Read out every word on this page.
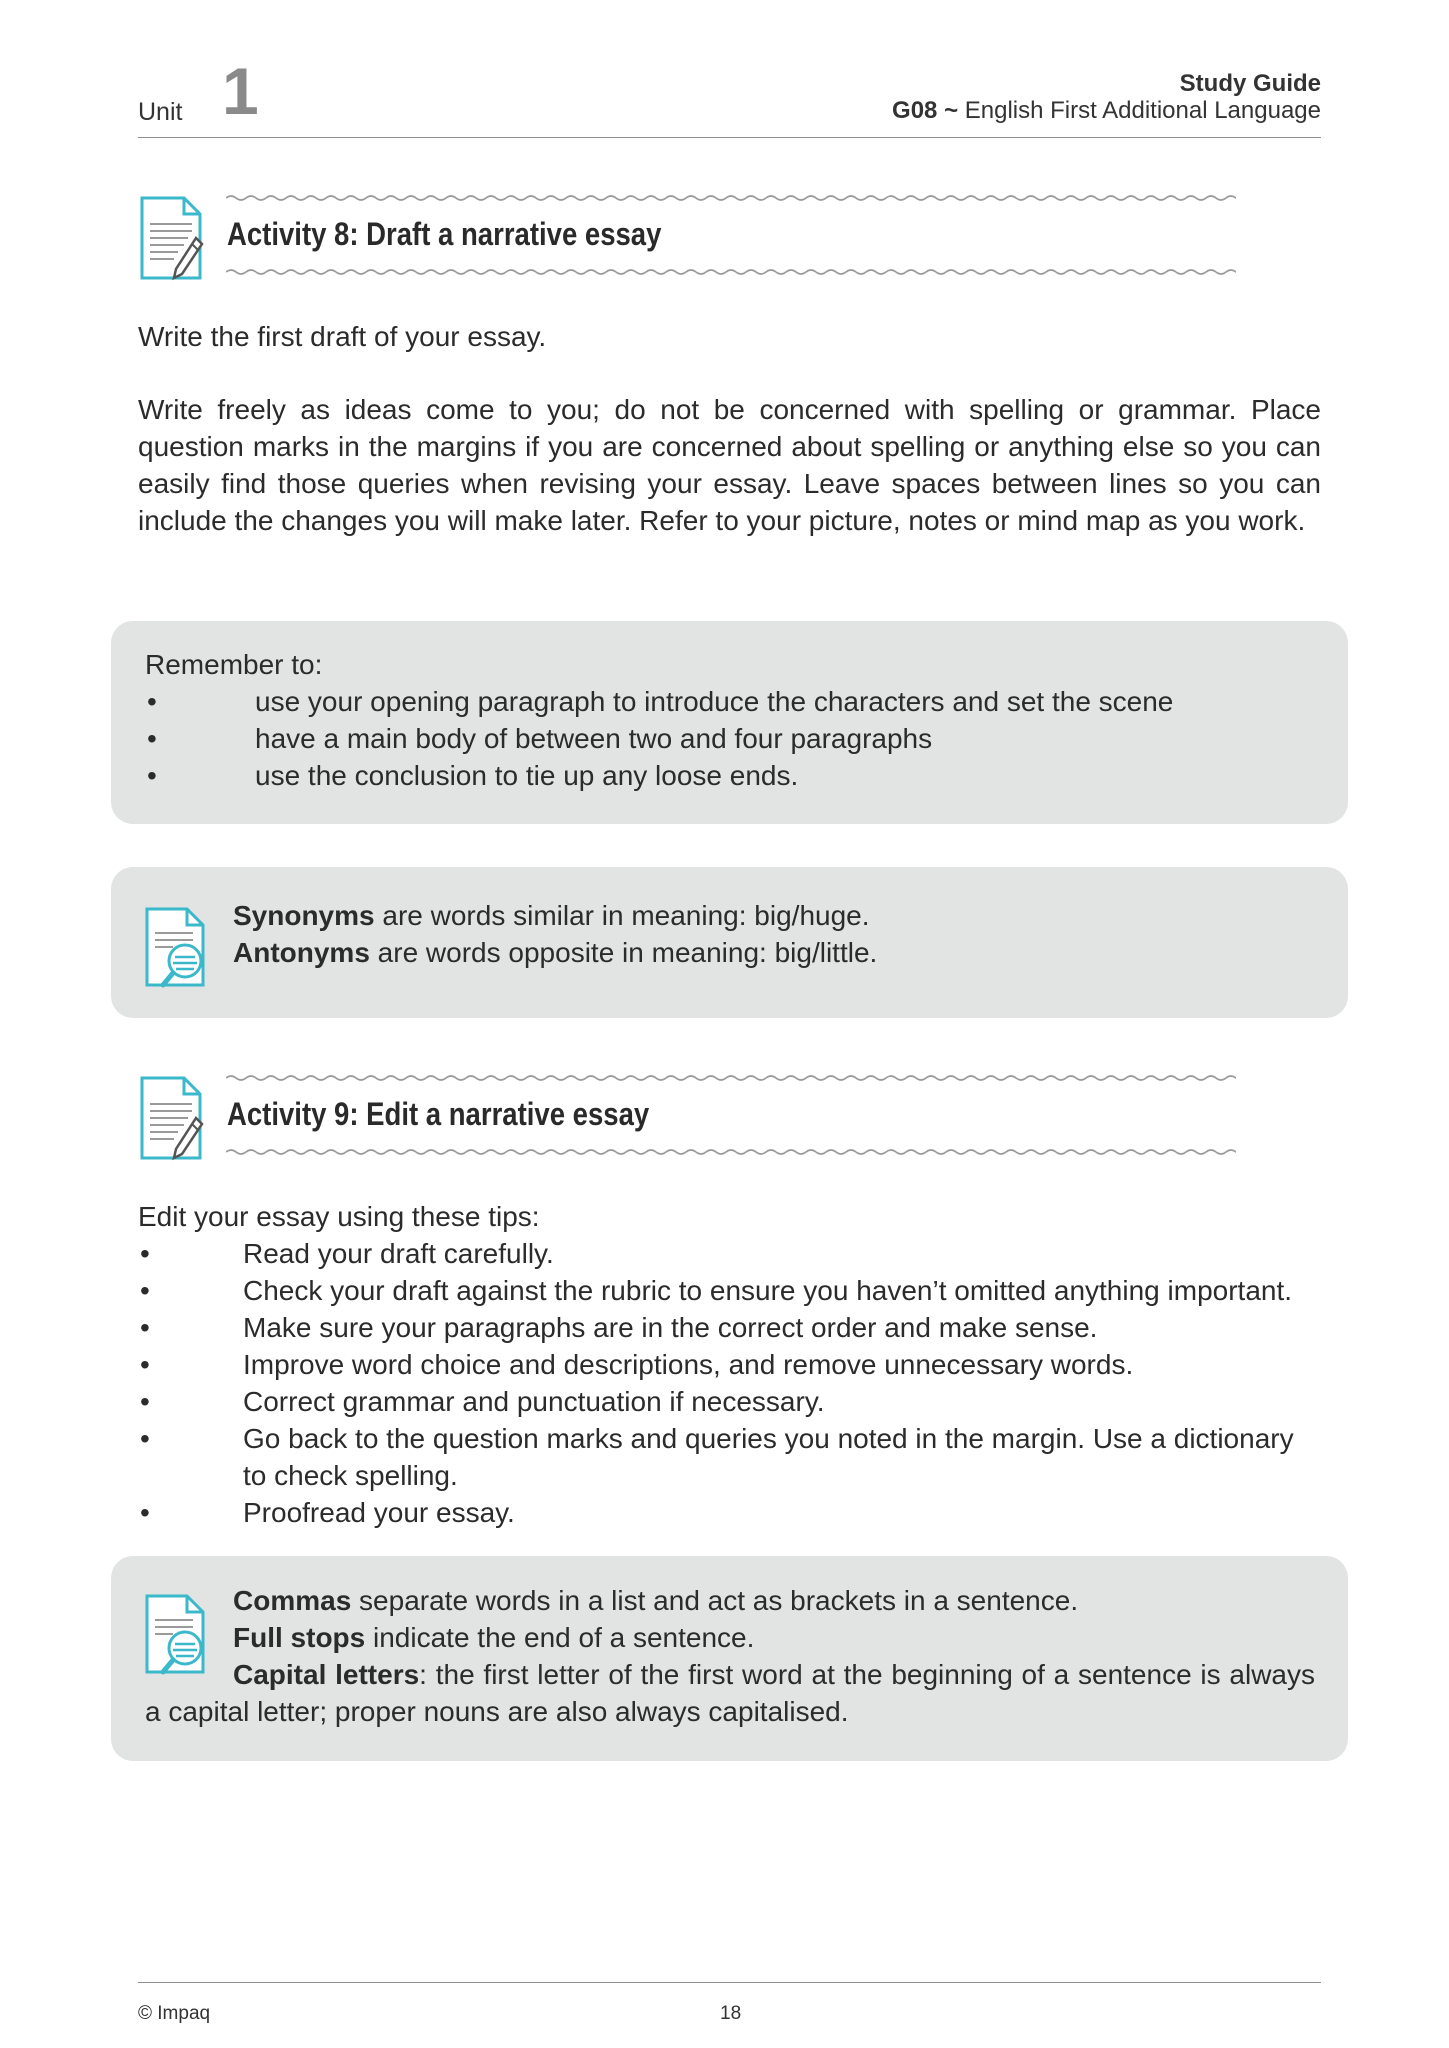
Unit 1	Study Guide
G08 ~ English First Additional Language
Activity 8: Draft a narrative essay
Write the first draft of your essay.
Write freely as ideas come to you; do not be concerned with spelling or grammar. Place question marks in the margins if you are concerned about spelling or anything else so you can easily find those queries when revising your essay. Leave spaces between lines so you can include the changes you will make later. Refer to your picture, notes or mind map as you work.
Remember to:
• use your opening paragraph to introduce the characters and set the scene
• have a main body of between two and four paragraphs
• use the conclusion to tie up any loose ends.
Synonyms are words similar in meaning: big/huge.
Antonyms are words opposite in meaning: big/little.
Activity 9: Edit a narrative essay
Edit your essay using these tips:
• Read your draft carefully.
• Check your draft against the rubric to ensure you haven’t omitted anything important.
• Make sure your paragraphs are in the correct order and make sense.
• Improve word choice and descriptions, and remove unnecessary words.
• Correct grammar and punctuation if necessary.
• Go back to the question marks and queries you noted in the margin. Use a dictionary to check spelling.
• Proofread your essay.
Commas separate words in a list and act as brackets in a sentence.
Full stops indicate the end of a sentence.
Capital letters: the first letter of the first word at the beginning of a sentence is always a capital letter; proper nouns are also always capitalised.
© Impaq	18
